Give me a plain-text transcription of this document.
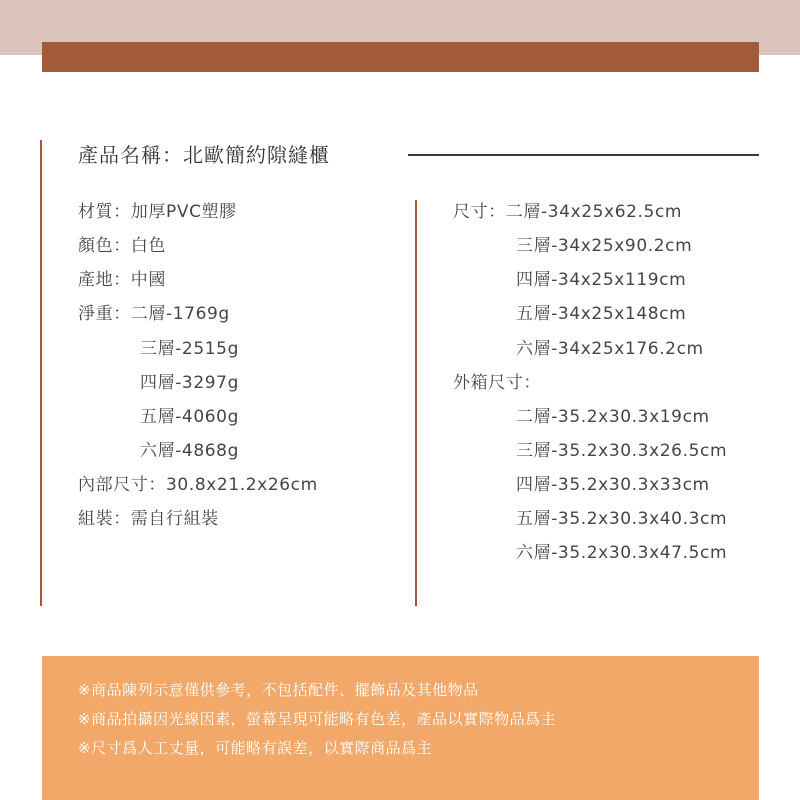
產品名稱：北歐簡約隙縫櫃
材質：加厚PVC塑膠
顏色：白色
產地：中國
淨重：二層-1769g
三層-2515g
四層-3297g
五層-4060g
六層-4868g
內部尺寸：30.8x21.2x26cm
組裝：需自行組裝
尺寸：二層-34x25x62.5cm
三層-34x25x90.2cm
四層-34x25x119cm
五層-34x25x148cm
六層-34x25x176.2cm
外箱尺寸：
二層-35.2x30.3x19cm
三層-35.2x30.3x26.5cm
四層-35.2x30.3x33cm
五層-35.2x30.3x40.3cm
六層-35.2x30.3x47.5cm
※商品陳列示意僅供參考，不包括配件、擺飾品及其他物品
※商品拍攝因光線因素，螢幕呈現可能略有色差，產品以實際物品爲主
※尺寸爲人工丈量，可能略有誤差，以實際商品爲主
